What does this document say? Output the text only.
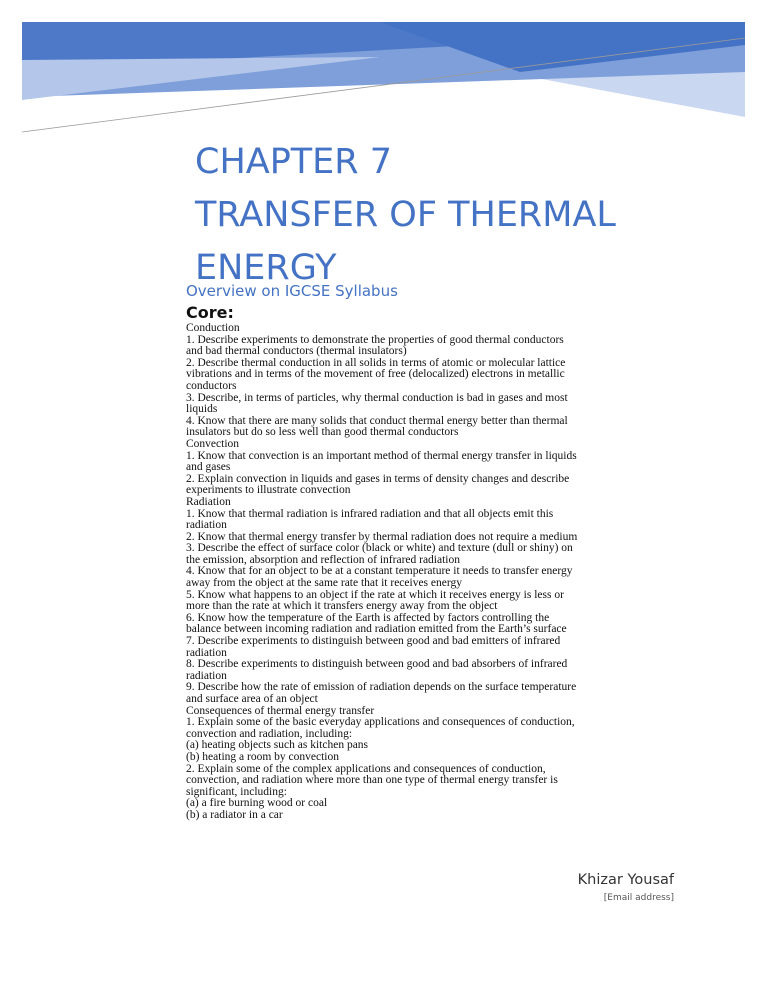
CHAPTER 7
TRANSFER OF THERMAL
ENERGY
Overview on IGCSE Syllabus
Core:
Conduction
1. Describe experiments to demonstrate the properties of good thermal conductors
and bad thermal conductors (thermal insulators)
2. Describe thermal conduction in all solids in terms of atomic or molecular lattice
vibrations and in terms of the movement of free (delocalized) electrons in metallic
conductors
3. Describe, in terms of particles, why thermal conduction is bad in gases and most
liquids
4. Know that there are many solids that conduct thermal energy better than thermal
insulators but do so less well than good thermal conductors
Convection
1. Know that convection is an important method of thermal energy transfer in liquids
and gases
2. Explain convection in liquids and gases in terms of density changes and describe
experiments to illustrate convection
Radiation
1. Know that thermal radiation is infrared radiation and that all objects emit this
radiation
2. Know that thermal energy transfer by thermal radiation does not require a medium
3. Describe the effect of surface color (black or white) and texture (dull or shiny) on
the emission, absorption and reflection of infrared radiation
4. Know that for an object to be at a constant temperature it needs to transfer energy
away from the object at the same rate that it receives energy
5. Know what happens to an object if the rate at which it receives energy is less or
more than the rate at which it transfers energy away from the object
6. Know how the temperature of the Earth is affected by factors controlling the
balance between incoming radiation and radiation emitted from the Earth’s surface
7. Describe experiments to distinguish between good and bad emitters of infrared
radiation
8. Describe experiments to distinguish between good and bad absorbers of infrared
radiation
9. Describe how the rate of emission of radiation depends on the surface temperature
and surface area of an object
Consequences of thermal energy transfer
1. Explain some of the basic everyday applications and consequences of conduction,
convection and radiation, including:
(a) heating objects such as kitchen pans
(b) heating a room by convection
2. Explain some of the complex applications and consequences of conduction,
convection, and radiation where more than one type of thermal energy transfer is
significant, including:
(a) a fire burning wood or coal
(b) a radiator in a car
Khizar Yousaf
[Email address]
